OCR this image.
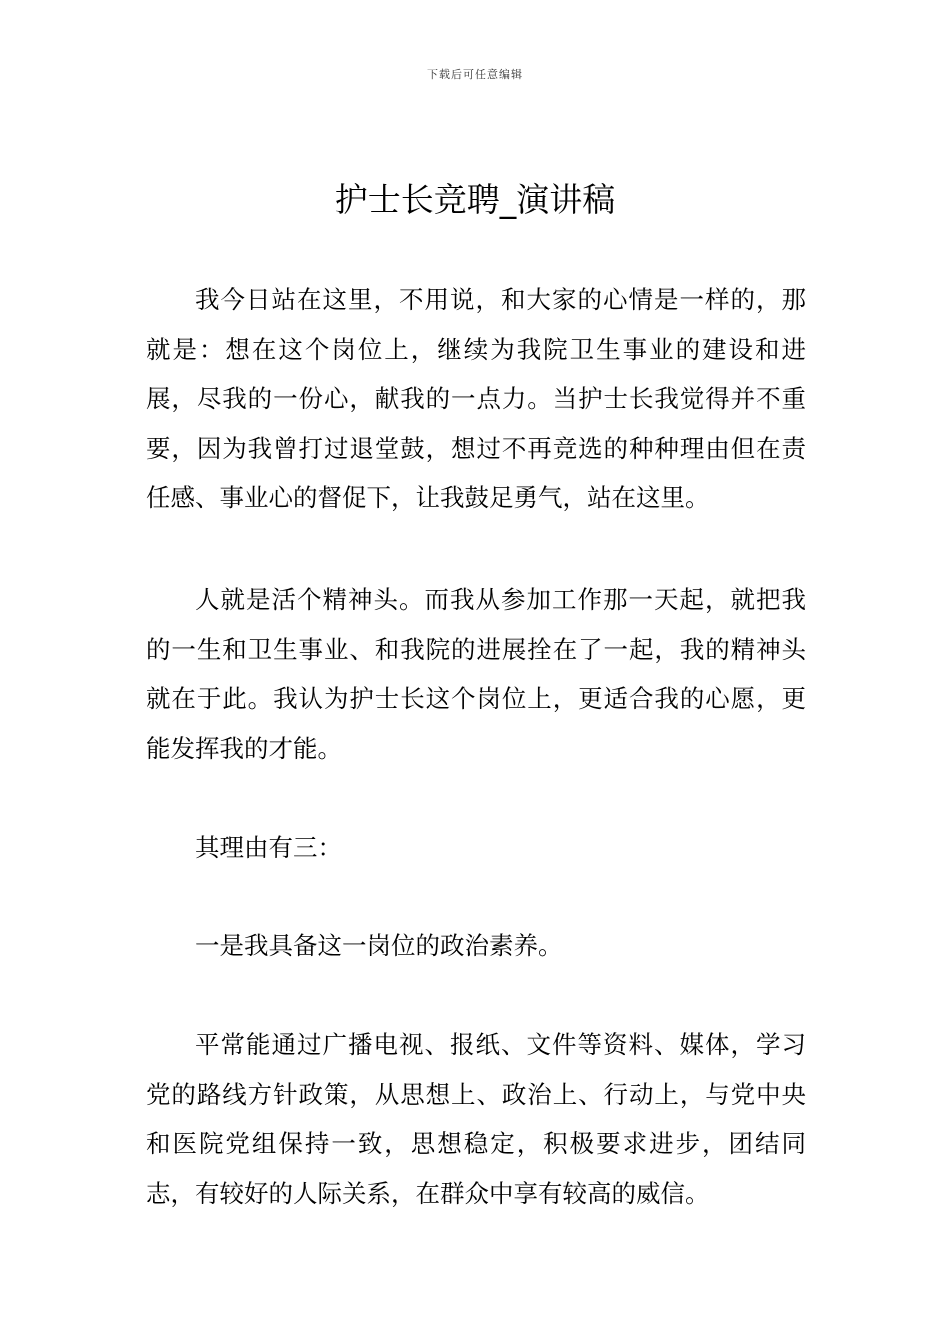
下载后可任意编辑
护士长竞聘_演讲稿

我今日站在这里，不用说，和大家的心情是一样的，那就是：想在这个岗位上，继续为我院卫生事业的建设和进展，尽我的一份心，献我的一点力。当护士长我觉得并不重要，因为我曾打过退堂鼓，想过不再竞选的种种理由但在责任感、事业心的督促下，让我鼓足勇气，站在这里。

人就是活个精神头。而我从参加工作那一天起，就把我的一生和卫生事业、和我院的进展拴在了一起，我的精神头就在于此。我认为护士长这个岗位上，更适合我的心愿，更能发挥我的才能。

其理由有三：

一是我具备这一岗位的政治素养。

平常能通过广播电视、报纸、文件等资料、媒体，学习党的路线方针政策，从思想上、政治上、行动上，与党中央和医院党组保持一致，思想稳定，积极要求进步，团结同志，有较好的人际关系，在群众中享有较高的威信。
